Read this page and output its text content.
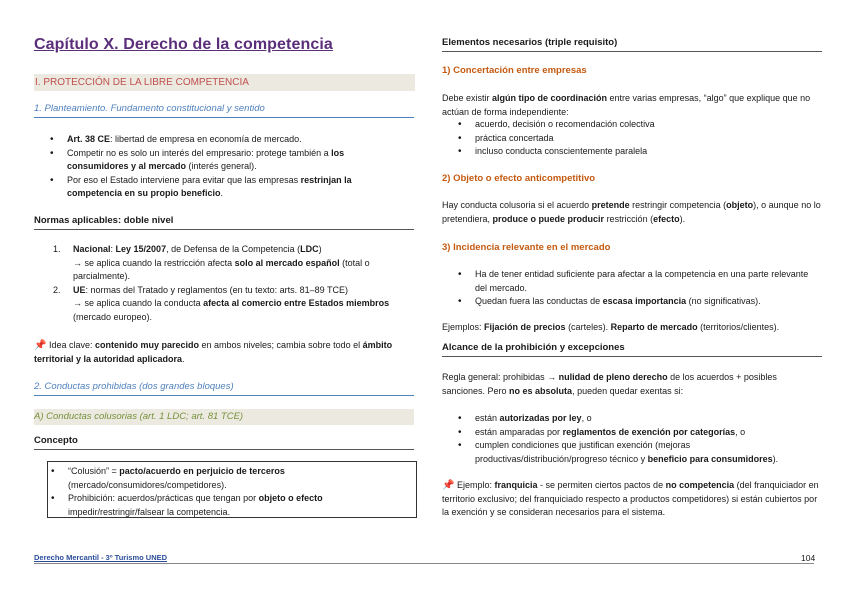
Capítulo X. Derecho de la competencia
I. PROTECCIÓN DE LA LIBRE COMPETENCIA
1. Planteamiento. Fundamento constitucional y sentido
• Art. 38 CE: libertad de empresa en economía de mercado.
• Competir no es solo un interés del empresario: protege también a los consumidores y al mercado (interés general).
• Por eso el Estado interviene para evitar que las empresas restrinjan la competencia en su propio beneficio.
Normas aplicables: doble nivel
1. Nacional: Ley 15/2007, de Defensa de la Competencia (LDC)
→ se aplica cuando la restricción afecta solo al mercado español (total o parcialmente).
2. UE: normas del Tratado y reglamentos (en tu texto: arts. 81–89 TCE)
→ se aplica cuando la conducta afecta al comercio entre Estados miembros (mercado europeo).
📌 Idea clave: contenido muy parecido en ambos niveles; cambia sobre todo el ámbito territorial y la autoridad aplicadora.
2. Conductas prohibidas (dos grandes bloques)
A) Conductas colusorias (art. 1 LDC; art. 81 TCE)
Concepto
• “Colusión” = pacto/acuerdo en perjuicio de terceros (mercado/consumidores/competidores).
• Prohibición: acuerdos/prácticas que tengan por objeto o efecto impedir/restringir/falsear la competencia.
Elementos necesarios (triple requisito)
1) Concertación entre empresas
Debe existir algún tipo de coordinación entre varias empresas, “algo” que explique que no actúan de forma independiente:
• acuerdo, decisión o recomendación colectiva
• práctica concertada
• incluso conducta conscientemente paralela
2) Objeto o efecto anticompetitivo
Hay conducta colusoria si el acuerdo pretende restringir competencia (objeto), o aunque no lo pretendiera, produce o puede producir restricción (efecto).
3) Incidencia relevante en el mercado
• Ha de tener entidad suficiente para afectar a la competencia en una parte relevante del mercado.
• Quedan fuera las conductas de escasa importancia (no significativas).
Ejemplos: Fijación de precios (carteles). Reparto de mercado (territorios/clientes).
Alcance de la prohibición y excepciones
Regla general: prohibidas → nulidad de pleno derecho de los acuerdos + posibles sanciones. Pero no es absoluta, pueden quedar exentas si:
• están autorizadas por ley, o
• están amparadas por reglamentos de exención por categorías, o
• cumplen condiciones que justifican exención (mejoras productivas/distribución/progreso técnico y beneficio para consumidores).
📌 Ejemplo: franquicia - se permiten ciertos pactos de no competencia (del franquiciador en territorio exclusivo; del franquiciado respecto a productos competidores) si están cubiertos por la exención y se consideran necesarios para el sistema.
Derecho Mercantil - 3º Turismo UNED	104
